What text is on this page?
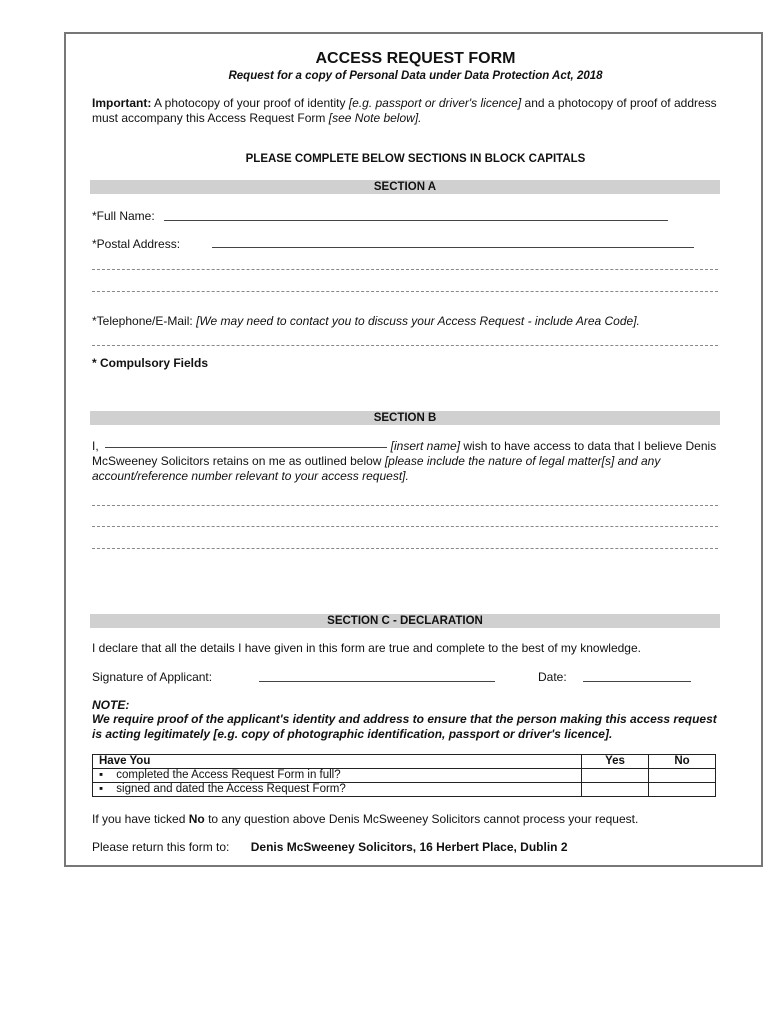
ACCESS REQUEST FORM
Request for a copy of Personal Data under Data Protection Act, 2018
Important: A photocopy of your proof of identity [e.g. passport or driver's licence] and a photocopy of proof of address must accompany this Access Request Form [see Note below].
PLEASE COMPLETE BELOW SECTIONS IN BLOCK CAPITALS
SECTION A
*Full Name:
*Postal Address:
*Telephone/E-Mail: [We may need to contact you to discuss your Access Request - include Area Code].
* Compulsory Fields
SECTION B
I,	[insert name] wish to have access to data that I believe Denis McSweeney Solicitors retains on me as outlined below [please include the nature of legal matter[s] and any account/reference number relevant to your access request].
SECTION C - DECLARATION
I declare that all the details I have given in this form are true and complete to the best of my knowledge.
Signature of Applicant:	Date:
NOTE:
We require proof of the applicant's identity and address to ensure that the person making this access request is acting legitimately [e.g. copy of photographic identification, passport or driver's licence].
Have You	Yes	No
▪ completed the Access Request Form in full?		
▪ signed and dated the Access Request Form?		
If you have ticked No to any question above Denis McSweeney Solicitors cannot process your request.
Please return this form to: Denis McSweeney Solicitors, 16 Herbert Place, Dublin 2
